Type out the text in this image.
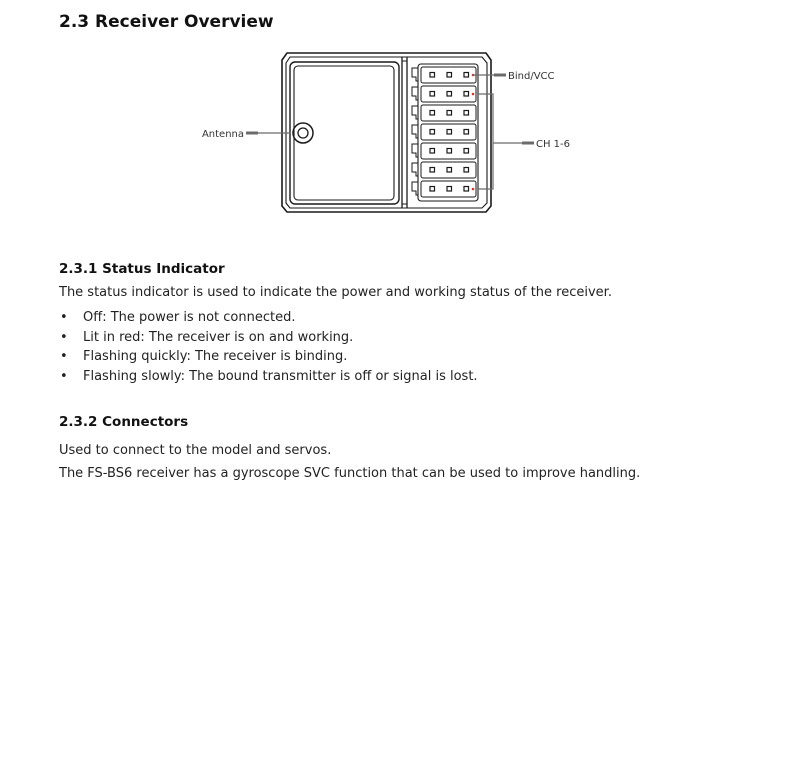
2.3 Receiver Overview
Antenna
Bind/VCC
CH 1-6
2.3.1 Status Indicator

The status indicator is used to indicate the power and working status of the receiver.

• Off: The power is not connected.
• Lit in red: The receiver is on and working.
• Flashing quickly: The receiver is binding.
• Flashing slowly: The bound transmitter is off or signal is lost.
2.3.2 Connectors

Used to connect to the model and servos.

The FS-BS6 receiver has a gyroscope SVC function that can be used to improve handling.
